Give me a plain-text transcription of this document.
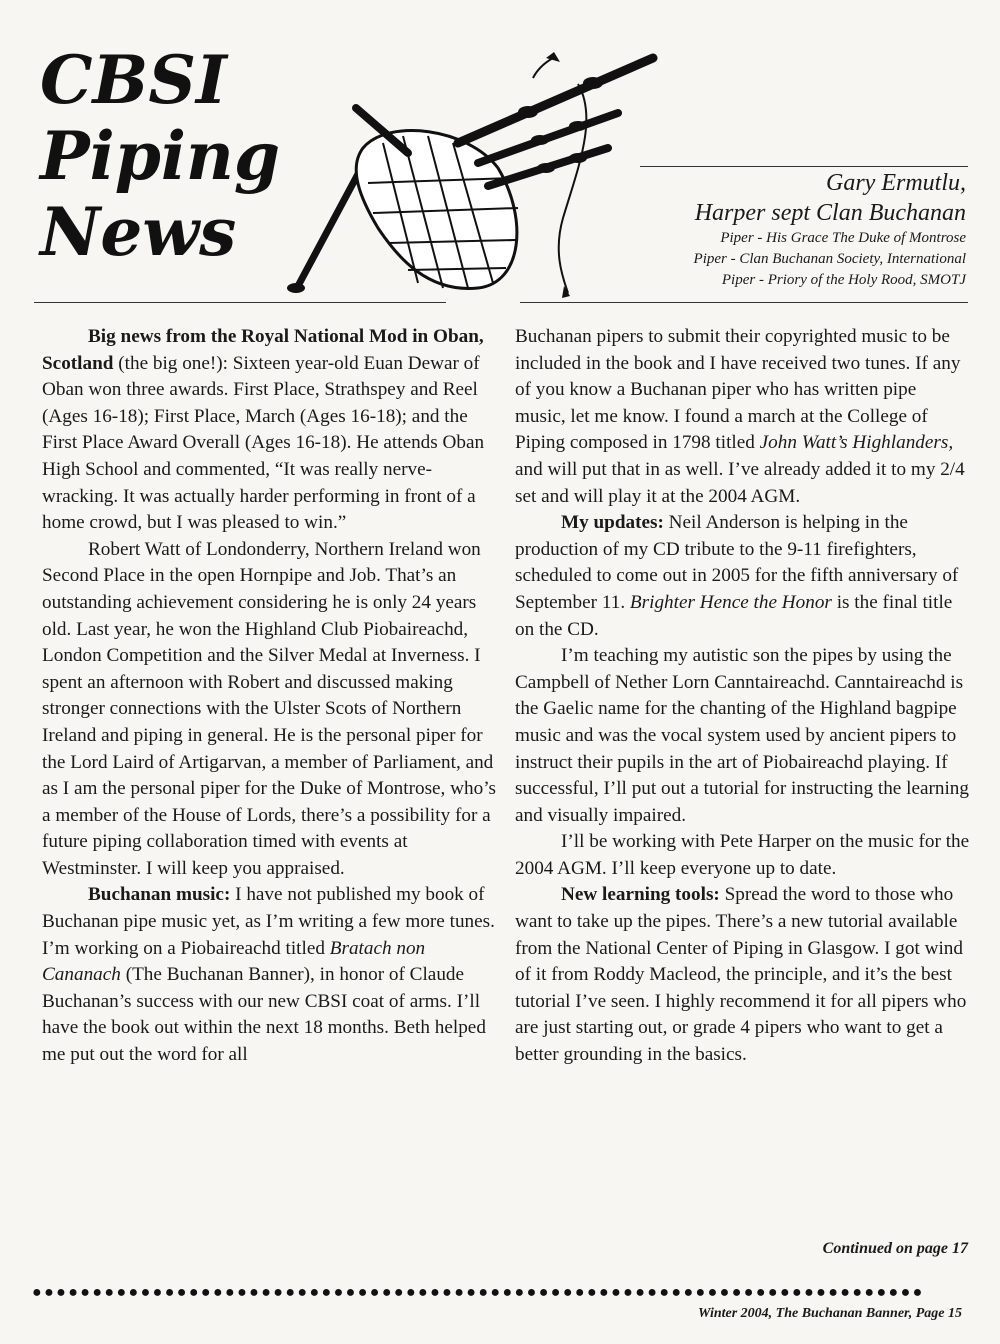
CBSI
Piping
News
Gary Ermutlu,
Harper sept Clan Buchanan
Piper - His Grace The Duke of Montrose
Piper - Clan Buchanan Society, International
Piper - Priory of the Holy Rood, SMOTJ

Big news from the Royal National Mod in Oban, Scotland (the big one!): Sixteen year-old Euan Dewar of Oban won three awards. First Place, Strathspey and Reel (Ages 16-18); First Place, March (Ages 16-18); and the First Place Award Overall (Ages 16-18). He attends Oban High School and commented, “It was really nerve-wracking. It was actually harder performing in front of a home crowd, but I was pleased to win.”

Robert Watt of Londonderry, Northern Ireland won Second Place in the open Hornpipe and Job. That’s an outstanding achievement considering he is only 24 years old. Last year, he won the Highland Club Piobaireachd, London Competition and the Silver Medal at Inverness. I spent an afternoon with Robert and discussed making stronger connections with the Ulster Scots of Northern Ireland and piping in general. He is the personal piper for the Lord Laird of Artigarvan, a member of Parliament, and as I am the personal piper for the Duke of Montrose, who’s a member of the House of Lords, there’s a possibility for a future piping collaboration timed with events at Westminster. I will keep you appraised.

Buchanan music: I have not published my book of Buchanan pipe music yet, as I’m writing a few more tunes. I’m working on a Piobaireachd titled Bratach non Cananach (The Buchanan Banner), in honor of Claude Buchanan’s success with our new CBSI coat of arms. I’ll have the book out within the next 18 months. Beth helped me put out the word for all

Buchanan pipers to submit their copyrighted music to be included in the book and I have received two tunes. If any of you know a Buchanan piper who has written pipe music, let me know. I found a march at the College of Piping composed in 1798 titled John Watt’s Highlanders, and will put that in as well. I’ve already added it to my 2/4 set and will play it at the 2004 AGM.

My updates: Neil Anderson is helping in the production of my CD tribute to the 9-11 firefighters, scheduled to come out in 2005 for the fifth anniversary of September 11. Brighter Hence the Honor is the final title on the CD.

I’m teaching my autistic son the pipes by using the Campbell of Nether Lorn Canntaireachd. Canntaireachd is the Gaelic name for the chanting of the Highland bagpipe music and was the vocal system used by ancient pipers to instruct their pupils in the art of Piobaireachd playing. If successful, I’ll put out a tutorial for instructing the learning and visually impaired.

I’ll be working with Pete Harper on the music for the 2004 AGM. I’ll keep everyone up to date.

New learning tools: Spread the word to those who want to take up the pipes. There’s a new tutorial available from the National Center of Piping in Glasgow. I got wind of it from Roddy Macleod, the principle, and it’s the best tutorial I’ve seen. I highly recommend it for all pipers who are just starting out, or grade 4 pipers who want to get a better grounding in the basics.

Continued on page 17
●●●●●●●●●●●●●●●●●●●●●●●●●●●●●●●●●●●●●●●●●●●●●●●●●●●●●●●●●●●●●●●●●●●●●●●●●●
Winter 2004, The Buchanan Banner, Page 15
